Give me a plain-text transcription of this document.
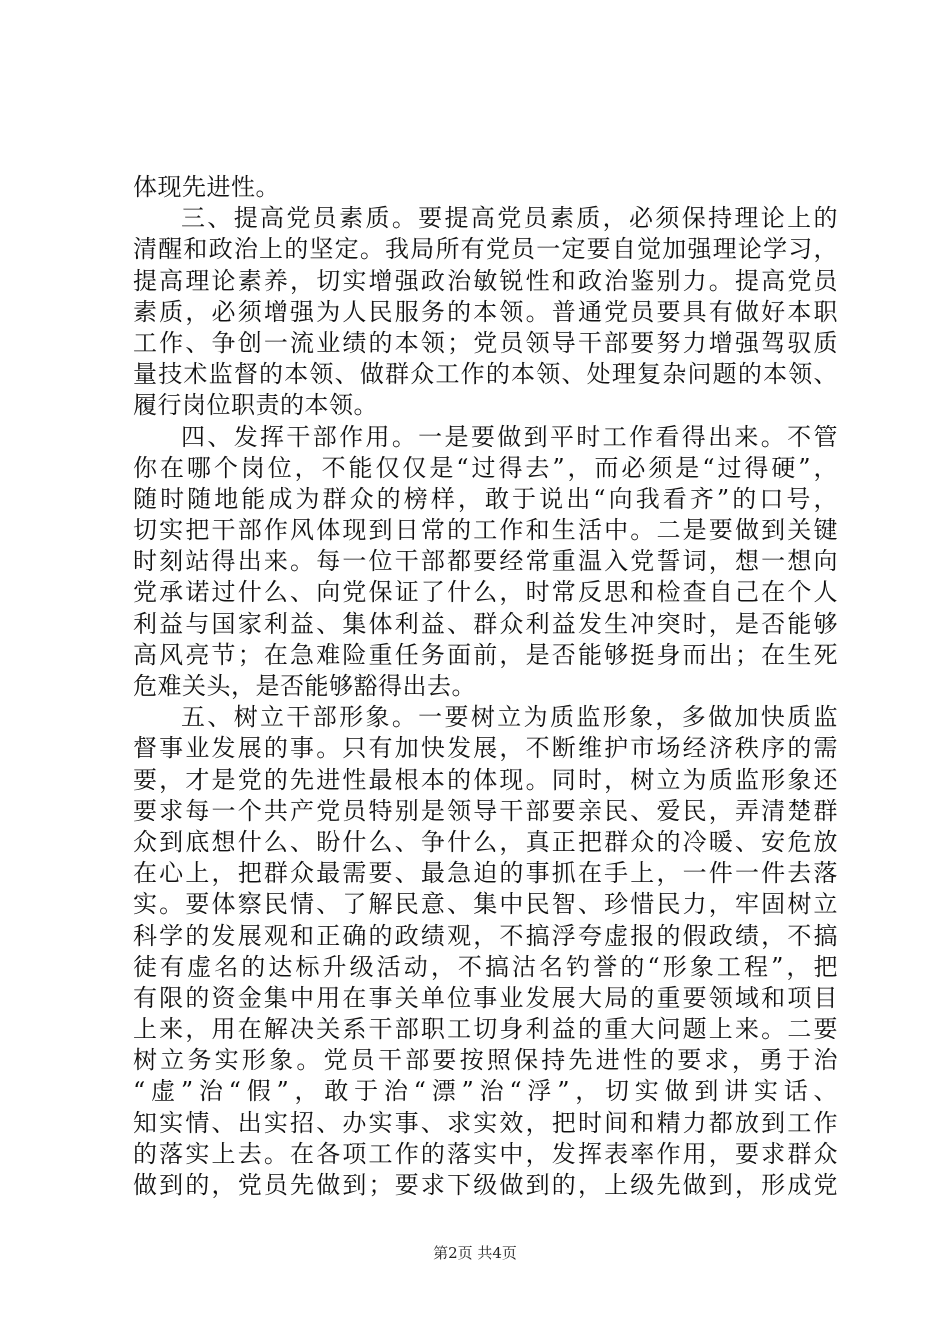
体现先进性。
三、提高党员素质。要提高党员素质，必须保持理论上的
清醒和政治上的坚定。我局所有党员一定要自觉加强理论学习，
提高理论素养，切实增强政治敏锐性和政治鉴别力。提高党员
素质，必须增强为人民服务的本领。普通党员要具有做好本职
工作、争创一流业绩的本领；党员领导干部要努力增强驾驭质
量技术监督的本领、做群众工作的本领、处理复杂问题的本领、
履行岗位职责的本领。
四、发挥干部作用。一是要做到平时工作看得出来。不管
你在哪个岗位，不能仅仅是“过得去”，而必须是“过得硬”，
随时随地能成为群众的榜样，敢于说出“向我看齐”的口号，
切实把干部作风体现到日常的工作和生活中。二是要做到关键
时刻站得出来。每一位干部都要经常重温入党誓词，想一想向
党承诺过什么、向党保证了什么，时常反思和检查自己在个人
利益与国家利益、集体利益、群众利益发生冲突时，是否能够
高风亮节；在急难险重任务面前，是否能够挺身而出；在生死
危难关头，是否能够豁得出去。
五、树立干部形象。一要树立为质监形象，多做加快质监
督事业发展的事。只有加快发展，不断维护市场经济秩序的需
要，才是党的先进性最根本的体现。同时，树立为质监形象还
要求每一个共产党员特别是领导干部要亲民、爱民，弄清楚群
众到底想什么、盼什么、争什么，真正把群众的冷暖、安危放
在心上，把群众最需要、最急迫的事抓在手上，一件一件去落
实。要体察民情、了解民意、集中民智、珍惜民力，牢固树立
科学的发展观和正确的政绩观，不搞浮夸虚报的假政绩，不搞
徒有虚名的达标升级活动，不搞沽名钓誉的“形象工程”，把
有限的资金集中用在事关单位事业发展大局的重要领域和项目
上来，用在解决关系干部职工切身利益的重大问题上来。二要
树立务实形象。党员干部要按照保持先进性的要求，勇于治
“虚”治“假”，敢于治“漂”治“浮”，切实做到讲实话、
知实情、出实招、办实事、求实效，把时间和精力都放到工作
的落实上去。在各项工作的落实中，发挥表率作用，要求群众
做到的，党员先做到；要求下级做到的，上级先做到，形成党
第2页 共4页
